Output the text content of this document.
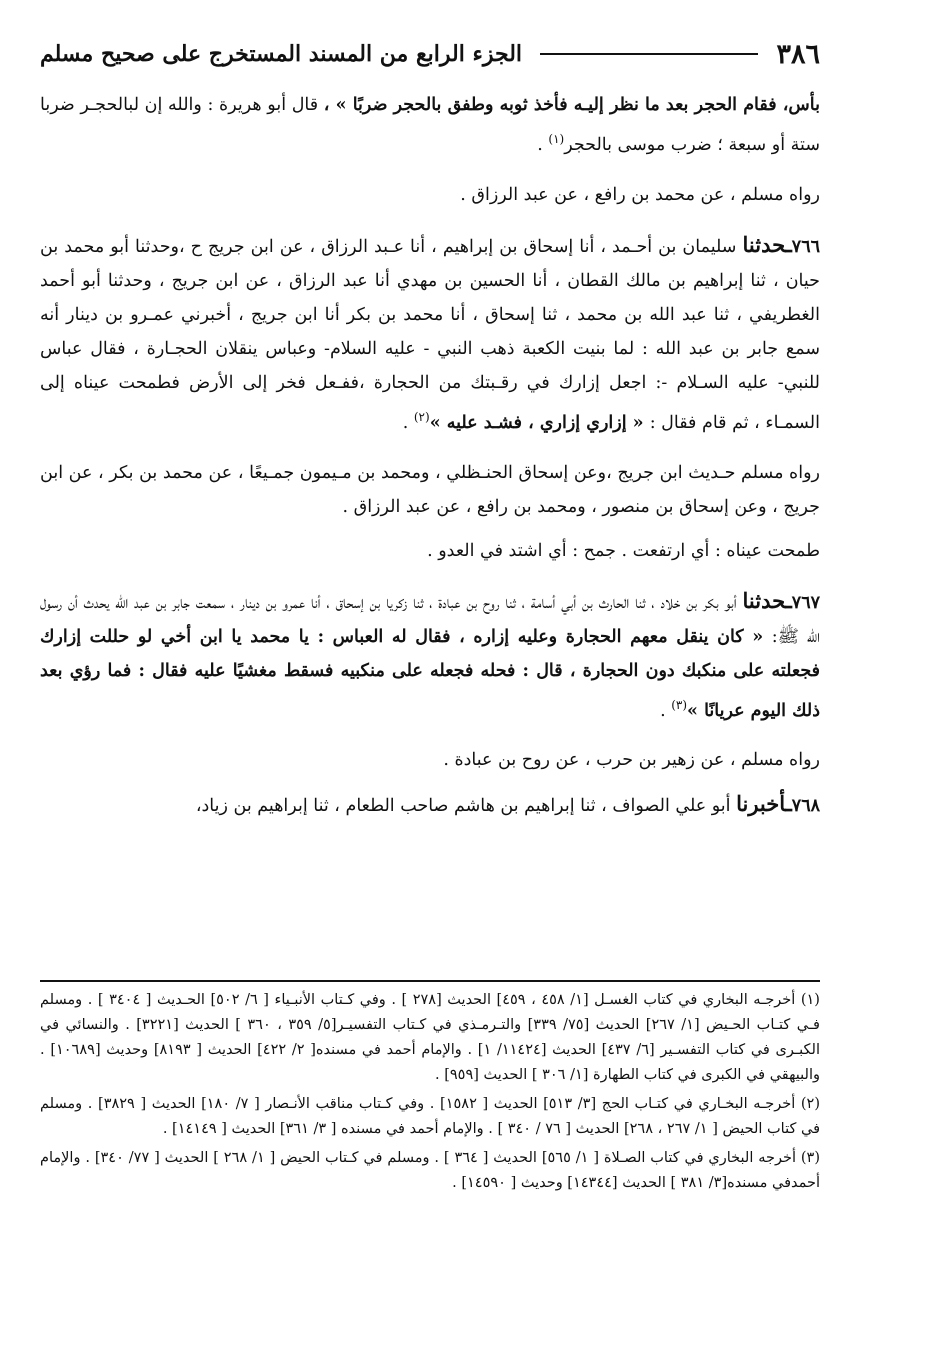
٣٨٦
الجزء الرابع من المسند المستخرج على صحيح مسلم

بأس، فقام الحجر بعد ما نظر إليـه فأخذ ثوبه وطفق بالحجر ضربًا » ، قال أبو هريرة : والله إن لبالحجـر ضربا ستة أو سبعة ؛ ضرب موسى بالحجر$^{(١)}$ .

رواه مسلم ، عن محمد بن رافع ، عن عبد الرزاق .

٧٦٦ـحدثنا سليمان بن أحـمد ، أنا إسحاق بن إبراهيم ، أنا عـبد الرزاق ، عن ابن جريج ح ،وحدثنا أبو محمد بن حيان ، ثنا إبراهيم بن مالك القطان ، أنا الحسين بن مهدي أنا عبد الرزاق ، عن ابن جريج ، وحدثنا أبو أحمد الغطريفي ، ثنا عبد الله بن محمد ، ثنا إسحاق ، أنا محمد بن بكر أنا ابن جريج ، أخبرني عمـرو بن دينار أنه سمع جابر بن عبد الله : لما بنيت الكعبة ذهب النبي - عليه السلام- وعباس ينقلان الحجـارة ، فقال عباس للنبي- عليه السـلام -: اجعل إزارك في رقـبتك من الحجارة ،ففـعل فخر إلى الأرض فطمحت عيناه إلى السمـاء ، ثم قام فقال : « إزاري إزاري ، فشـد عليه »$^{(٢)}$ .

رواه مسلم حـديث ابن جريج ،وعن إسحاق الحنـظلي ، ومحمد بن مـيمون جمـيعًا ، عن محمد بن بكر ، عن ابن جريج ، وعن إسحاق بن منصور ، ومحمد بن رافع ، عن عبد الرزاق .

طمحت عيناه : أي ارتفعت . جمح : أي اشتد في العدو .

٧٦٧ـحدثنا أبو بكر بن خلاد ، ثنا الحارث بن أبي أسامة ، ثنا روح بن عبادة ، ثنا زكريا بن إسحاق ، أنا عمرو بن دينار ، سمعت جابر بن عبد الله يحدث أن رسول الله ﷺ: « كان ينقل معهم الحجارة وعليه إزاره ، فقال له العباس : يا محمد يا ابن أخي لو حللت إزارك فجعلته على منكبك دون الحجارة ، قال : فحله فجعله على منكبيه فسقط مغشيًا عليه فقال : فما رؤي بعد ذلك اليوم عريانًا »$^{(٣)}$ .

رواه مسلم ، عن زهير بن حرب ، عن روح بن عبادة .

٧٦٨ـأخبرنا أبو علي الصواف ، ثنا إبراهيم بن هاشم صاحب الطعام ، ثنا إبراهيم بن زياد،

(١) أخرجـه البخاري في كتاب الغسـل [١/ ٤٥٨ ، ٤٥٩] الحديث [٢٧٨ ] . وفي كـتاب الأنبـياء [ ٦/ ٥٠٢] الحـديث [ ٣٤٠٤ ] . ومسلم فـي كتـاب الحـيض [١/ ٢٦٧] الحديث [٧٥/ ٣٣٩] والتـرمـذي في كـتاب التفسيـر[٥/ ٣٥٩ ، ٣٦٠ ] الحديث [٣٢٢١] . والنسائي في الكبـرى في كتاب التفسـير [٦/ ٤٣٧] الحديث [١١٤٢٤/ ١] . والإمام أحمد في مسنده[ ٢/ ٤٢٢] الحديث [ ٨١٩٣] وحديث [١٠٦٨٩] . والبيهقي في الكبرى في كتاب الطهارة [١/ ٣٠٦ ] الحديث [٩٥٩] .

(٢) أخرجـه البخـاري في كتـاب الحج [٣/ ٥١٣] الحديث [ ١٥٨٢] . وفي كـتاب مناقب الأنـصار [ ٧/ ١٨٠] الحديث [ ٣٨٢٩] . ومسلم في كتاب الحيض [ ١/ ٢٦٧ ، ٢٦٨] الحديث [ ٧٦ / ٣٤٠ ] . والإمام أحمد في مسنده [ ٣/ ٣٦١] الحديث [ ١٤١٤٩] .

(٣) أخرجه البخاري في كتاب الصـلاة [ ١/ ٥٦٥] الحديث [ ٣٦٤ ] . ومسلم في كـتاب الحيض [ ١/ ٢٦٨ ] الحديث [ ٧٧/ ٣٤٠] . والإمام أحمدفي مسنده[٣/ ٣٨١ ] الحديث [١٤٣٤٤] وحديث [ ١٤٥٩٠] .
